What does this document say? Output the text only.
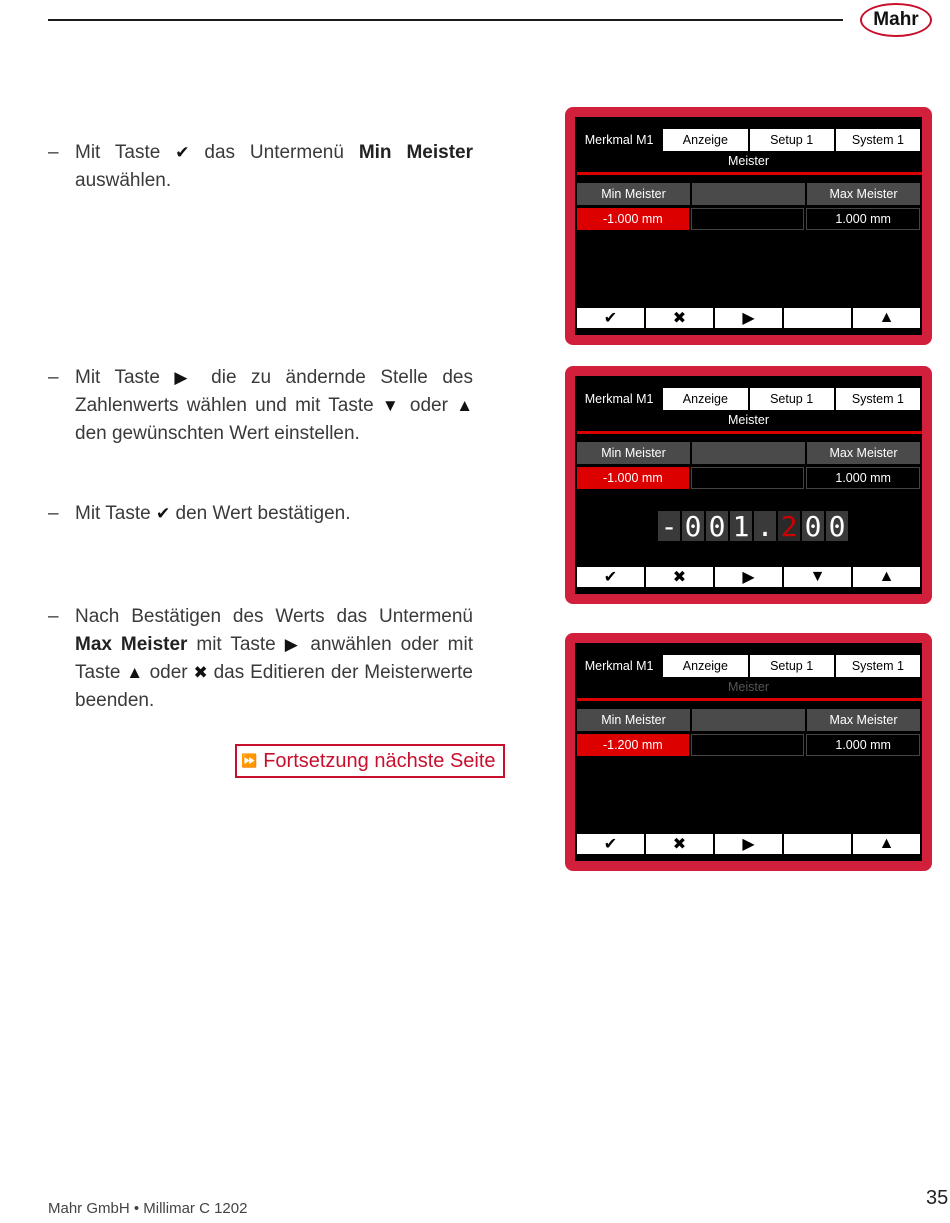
Mahr
– Mit Taste ✔ das Untermenü Min Meister auswählen.
– Mit Taste ▶ die zu ändernde Stelle des Zahlenwerts wählen und mit Taste ▼ oder ▲ den gewünschten Wert einstellen.
– Mit Taste ✔ den Wert bestätigen.
– Nach Bestätigen des Werts das Untermenü Max Meister mit Taste ▶ anwählen oder mit Taste ▲ oder ✖ das Editieren der Meisterwerte beenden.
⏩ Fortsetzung nächste Seite
Merkmal M1	Anzeige	Setup 1	System 1
Meister
Min Meister	Max Meister
-1.000 mm	1.000 mm
✔	✖	▶	▲
Merkmal M1	Anzeige	Setup 1	System 1
Meister
Min Meister	Max Meister
-1.000 mm	1.000 mm
- 0 0 1 . 2 0 0
✔	✖	▶	▼	▲
Merkmal M1	Anzeige	Setup 1	System 1
Meister
Min Meister	Max Meister
-1.200 mm	1.000 mm
✔	✖	▶	▲
Mahr GmbH • Millimar C 1202	35
